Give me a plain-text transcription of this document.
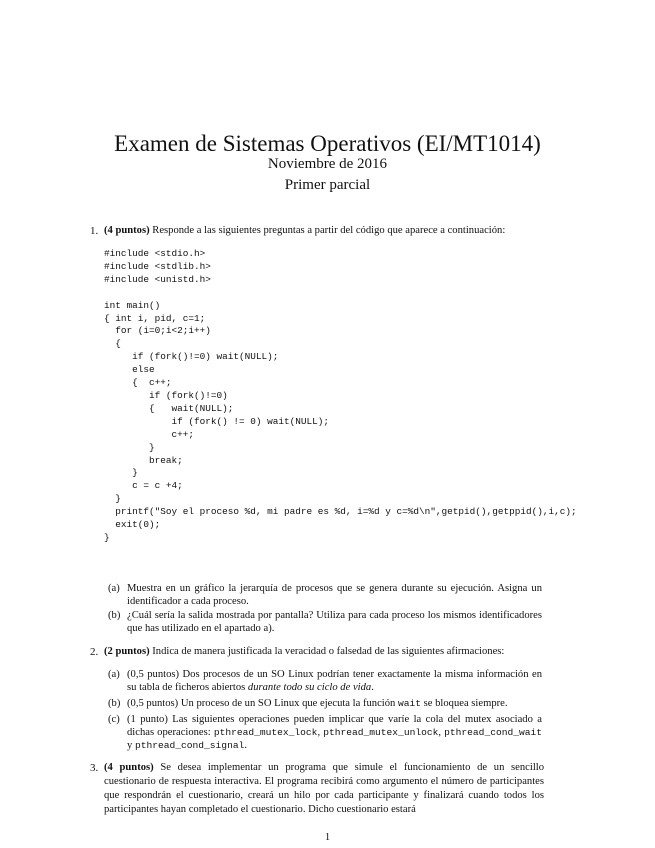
Examen de Sistemas Operativos (EI/MT1014)
Noviembre de 2016
Primer parcial
1. (4 puntos) Responde a las siguientes preguntas a partir del código que aparece a continuación:
#include <stdio.h>
#include <stdlib.h>
#include <unistd.h>

int main()
{ int i, pid, c=1;
for (i=0;i<2;i++)
{
if (fork()!=0) wait(NULL);
else
{  c++;
if (fork()!=0)
{   wait(NULL);
if (fork() != 0) wait(NULL);
c++;
}
break;
}
c = c +4;
}
printf("Soy el proceso %d, mi padre es %d, i=%d y c=%d\n",getpid(),getppid(),i,c);
exit(0);
}
(a) Muestra en un gráfico la jerarquía de procesos que se genera durante su ejecución. Asigna un identificador a cada proceso.
(b) ¿Cuál sería la salida mostrada por pantalla? Utiliza para cada proceso los mismos identificadores que has utilizado en el apartado a).
2. (2 puntos) Indica de manera justificada la veracidad o falsedad de las siguientes afirmaciones:
(a) (0,5 puntos) Dos procesos de un SO Linux podrían tener exactamente la misma información en su tabla de ficheros abiertos durante todo su ciclo de vida.
(b) (0,5 puntos) Un proceso de un SO Linux que ejecuta la función wait se bloquea siempre.
(c) (1 punto) Las siguientes operaciones pueden implicar que varíe la cola del mutex asociado a dichas operaciones: pthread_mutex_lock, pthread_mutex_unlock, pthread_cond_wait y pthread_cond_signal.
3. (4 puntos) Se desea implementar un programa que simule el funcionamiento de un sencillo cuestionario de respuesta interactiva. El programa recibirá como argumento el número de participantes que respondrán el cuestionario, creará un hilo por cada participante y finalizará cuando todos los participantes hayan completado el cuestionario. Dicho cuestionario estará
1
